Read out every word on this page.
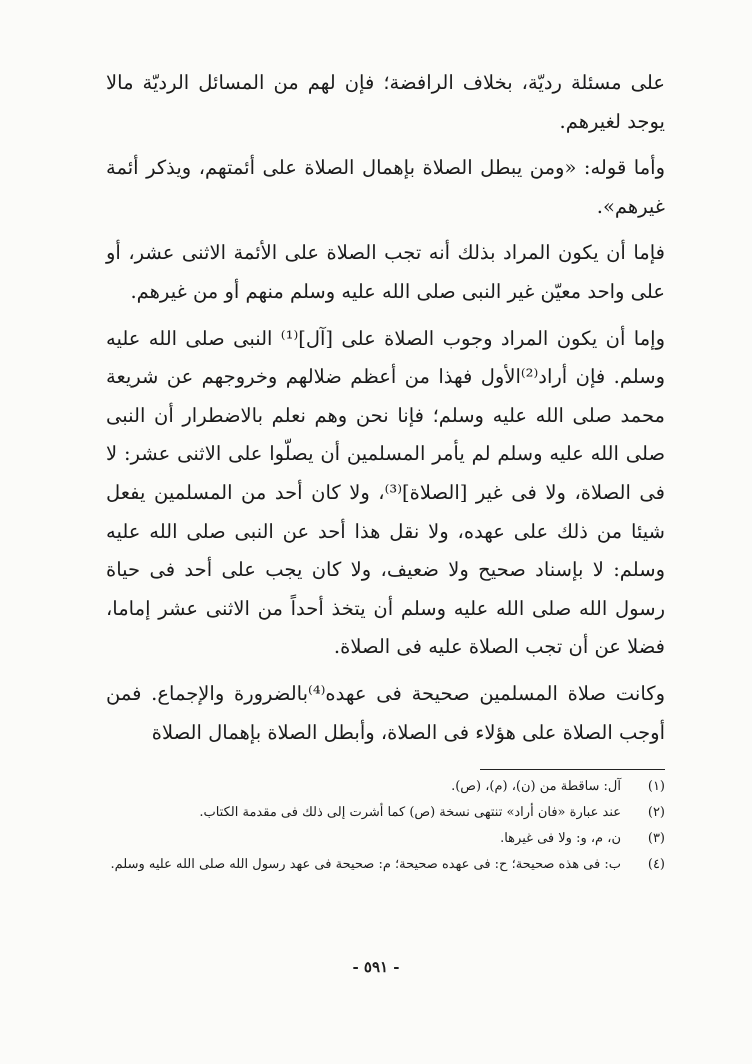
على مسئلة رديّة، بخلاف الرافضة؛ فإن لهم من المسائل الرديّة مالا يوجد لغيرهم.

وأما قوله: «ومن يبطل الصلاة بإهمال الصلاة على أئمتهم، ويذكر أئمة غيرهم».

فإما أن يكون المراد بذلك أنه تجب الصلاة على الأئمة الاثنى عشر، أو على واحد معيّن غير النبى صلى الله عليه وسلم منهم أو من غيرهم.

وإما أن يكون المراد وجوب الصلاة على [آل]⁽¹⁾ النبى صلى الله عليه وسلم. فإن أراد⁽²⁾الأول فهذا من أعظم ضلالهم وخروجهم عن شريعة محمد صلى الله عليه وسلم؛ فإنا نحن وهم نعلم بالاضطرار أن النبى صلى الله عليه وسلم لم يأمر المسلمين أن يصلّوا على الاثنى عشر: لا فى الصلاة، ولا فى غير [الصلاة]⁽³⁾، ولا كان أحد من المسلمين يفعل شيئا من ذلك على عهده، ولا نقل هذا أحد عن النبى صلى الله عليه وسلم: لا بإسناد صحيح ولا ضعيف، ولا كان يجب على أحد فى حياة رسول الله صلى الله عليه وسلم أن يتخذ أحداً من الاثنى عشر إماما، فضلا عن أن تجب الصلاة عليه فى الصلاة.

وكانت صلاة المسلمين صحيحة فى عهده⁽⁴⁾بالضرورة والإجماع. فمن أوجب الصلاة على هؤلاء فى الصلاة، وأبطل الصلاة بإهمال الصلاة

(١)
آل: ساقطة من (ن)، (م)، (ص).
(٢)
عند عبارة «فان أراد» تنتهى نسخة (ص) كما أشرت إلى ذلك فى مقدمة الكتاب.
(٣)
ن، م، و: ولا فى غيرها.
(٤)
ب: فى هذه صحيحة؛ ح: فى عهده صحيحة؛ م: صحيحة فى عهد رسول الله صلى الله عليه وسلم.
- ٥٩١ -
